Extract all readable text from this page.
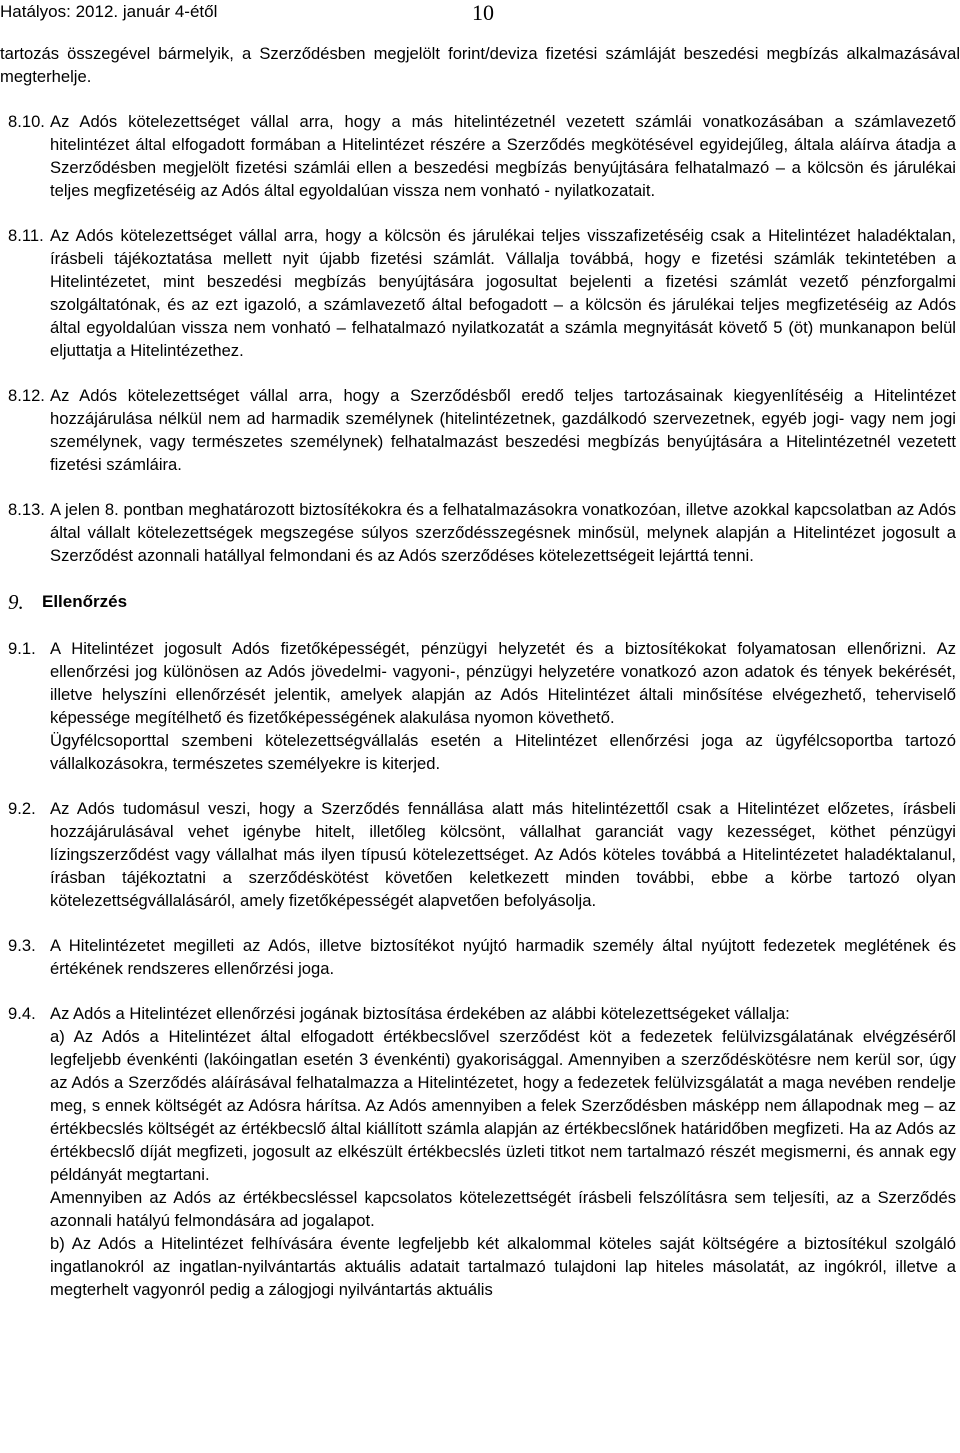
Hatályos: 2012. január 4-étől	10

tartozás összegével bármelyik, a Szerződésben megjelölt forint/deviza fizetési számláját beszedési megbízás alkalmazásával megterhelje.

8.10. Az Adós kötelezettséget vállal arra, hogy a más hitelintézetnél vezetett számlái vonatkozásában a számlavezető hitelintézet által elfogadott formában a Hitelintézet részére a Szerződés megkötésével egyidejűleg, általa aláírva átadja a Szerződésben megjelölt fizetési számlái ellen a beszedési megbízás benyújtására felhatalmazó – a kölcsön és járulékai teljes megfizetéséig az Adós által egyoldalúan vissza nem vonható - nyilatkozatait.
8.11. Az Adós kötelezettséget vállal arra, hogy a kölcsön és járulékai teljes visszafizetéséig csak a Hitelintézet haladéktalan, írásbeli tájékoztatása mellett nyit újabb fizetési számlát. Vállalja továbbá, hogy e fizetési számlák tekintetében a Hitelintézetet, mint beszedési megbízás benyújtására jogosultat bejelenti a fizetési számlát vezető pénzforgalmi szolgáltatónak, és az ezt igazoló, a számlavezető által befogadott – a kölcsön és járulékai teljes megfizetéséig az Adós által egyoldalúan vissza nem vonható – felhatalmazó nyilatkozatát a számla megnyitását követő 5 (öt) munkanapon belül eljuttatja a Hitelintézethez.
8.12. Az Adós kötelezettséget vállal arra, hogy a Szerződésből eredő teljes tartozásainak kiegyenlítéséig a Hitelintézet hozzájárulása nélkül nem ad harmadik személynek (hitelintézetnek, gazdálkodó szervezetnek, egyéb jogi- vagy nem jogi személynek, vagy természetes személynek) felhatalmazást beszedési megbízás benyújtására a Hitelintézetnél vezetett fizetési számláira.
8.13. A jelen 8. pontban meghatározott biztosítékokra és a felhatalmazásokra vonatkozóan, illetve azokkal kapcsolatban az Adós által vállalt kötelezettségek megszegése súlyos szerződésszegésnek minősül, melynek alapján a Hitelintézet jogosult a Szerződést azonnali hatállyal felmondani és az Adós szerződéses kötelezettségeit lejárttá tenni.
9. Ellenőrzés
9.1. A Hitelintézet jogosult Adós fizetőképességét, pénzügyi helyzetét és a biztosítékokat folyamatosan ellenőrizni. Az ellenőrzési jog különösen az Adós jövedelmi- vagyoni-, pénzügyi helyzetére vonatkozó azon adatok és tények bekérését, illetve helyszíni ellenőrzését jelentik, amelyek alapján az Adós Hitelintézet általi minősítése elvégezhető, teherviselő képessége megítélhető és fizetőképességének alakulása nyomon követhető.

Ügyfélcsoporttal szembeni kötelezettségvállalás esetén a Hitelintézet ellenőrzési joga az ügyfélcsoportba tartozó vállalkozásokra, természetes személyekre is kiterjed.

9.2. Az Adós tudomásul veszi, hogy a Szerződés fennállása alatt más hitelintézettől csak a Hitelintézet előzetes, írásbeli hozzájárulásával vehet igénybe hitelt, illetőleg kölcsönt, vállalhat garanciát vagy kezességet, köthet pénzügyi lízingszerződést vagy vállalhat más ilyen típusú kötelezettséget. Az Adós köteles továbbá a Hitelintézetet haladéktalanul, írásban tájékoztatni a szerződéskötést követően keletkezett minden további, ebbe a körbe tartozó olyan kötelezettségvállalásáról, amely fizetőképességét alapvetően befolyásolja.
9.3. A Hitelintézetet megilleti az Adós, illetve biztosítékot nyújtó harmadik személy által nyújtott fedezetek meglétének és értékének rendszeres ellenőrzési joga.
9.4. Az Adós a Hitelintézet ellenőrzési jogának biztosítása érdekében az alábbi kötelezettségeket vállalja:

a) Az Adós a Hitelintézet által elfogadott értékbecslővel szerződést köt a fedezetek felülvizsgálatának elvégzéséről legfeljebb évenkénti (lakóingatlan esetén 3 évenkénti) gyakorisággal. Amennyiben a szerződéskötésre nem kerül sor, úgy az Adós a Szerződés aláírásával felhatalmazza a Hitelintézetet, hogy a fedezetek felülvizsgálatát a maga nevében rendelje meg, s ennek költségét az Adósra hárítsa. Az Adós amennyiben a felek Szerződésben másképp nem állapodnak meg – az értékbecslés költségét az értékbecslő által kiállított számla alapján az értékbecslőnek határidőben megfizeti. Ha az Adós az értékbecslő díját megfizeti, jogosult az elkészült értékbecslés üzleti titkot nem tartalmazó részét megismerni, és annak egy példányát megtartani.

Amennyiben az Adós az értékbecsléssel kapcsolatos kötelezettségét írásbeli felszólításra sem teljesíti, az a Szerződés azonnali hatályú felmondására ad jogalapot.

b) Az Adós a Hitelintézet felhívására évente legfeljebb két alkalommal köteles saját költségére a biztosítékul szolgáló ingatlanokról az ingatlan-nyilvántartás aktuális adatait tartalmazó tulajdoni lap hiteles másolatát, az ingókról, illetve a megterhelt vagyonról pedig a zálogjogi nyilvántartás aktuális
